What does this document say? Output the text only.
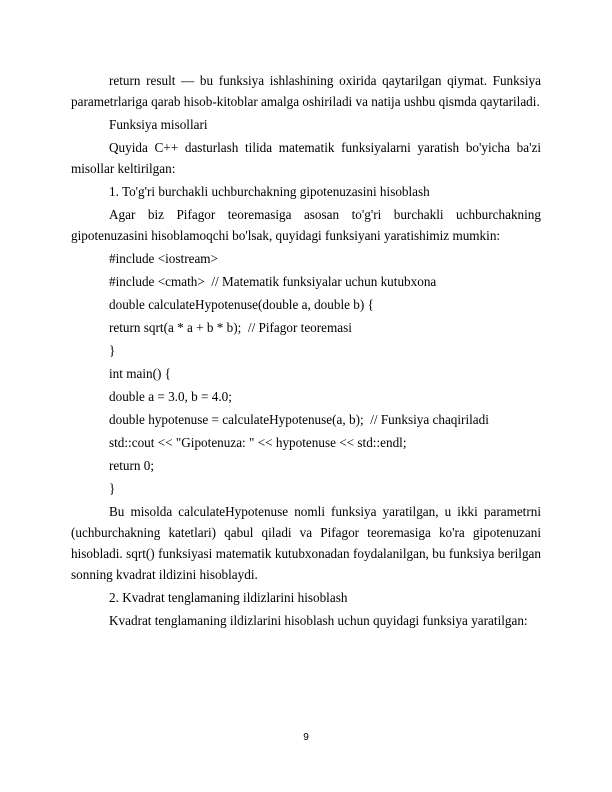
return result — bu funksiya ishlashining oxirida qaytarilgan qiymat. Funksiya parametrlariga qarab hisob-kitoblar amalga oshiriladi va natija ushbu qismda qaytariladi.

Funksiya misollari

Quyida C++ dasturlash tilida matematik funksiyalarni yaratish bo'yicha ba'zi misollar keltirilgan:

1. To'g'ri burchakli uchburchakning gipotenuzasini hisoblash

Agar biz Pifagor teoremasiga asosan to'g'ri burchakli uchburchakning gipotenuzasini hisoblamoqchi bo'lsak, quyidagi funksiyani yaratishimiz mumkin:

#include <iostream>
#include <cmath>  // Matematik funksiyalar uchun kutubxona
double calculateHypotenuse(double a, double b) {
return sqrt(a * a + b * b);  // Pifagor teoremasi
}
int main() {
double a = 3.0, b = 4.0;
double hypotenuse = calculateHypotenuse(a, b);  // Funksiya chaqiriladi
std::cout << "Gipotenuza: " << hypotenuse << std::endl;
return 0;
}

Bu misolda calculateHypotenuse nomli funksiya yaratilgan, u ikki parametrni (uchburchakning katetlari) qabul qiladi va Pifagor teoremasiga ko'ra gipotenuzani hisobladi. sqrt() funksiyasi matematik kutubxonadan foydalanilgan, bu funksiya berilgan sonning kvadrat ildizini hisoblaydi.

2. Kvadrat tenglamaning ildizlarini hisoblash

Kvadrat tenglamaning ildizlarini hisoblash uchun quyidagi funksiya yaratilgan:

9
